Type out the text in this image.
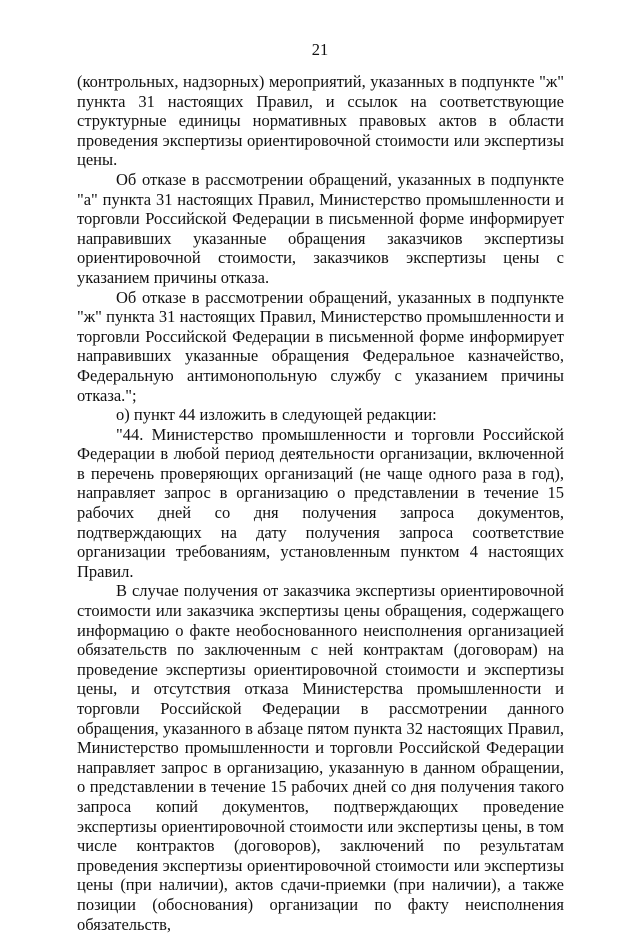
21

(контрольных, надзорных) мероприятий, указанных в подпункте "ж" пункта 31 настоящих Правил, и ссылок на соответствующие структурные единицы нормативных правовых актов в области проведения экспертизы ориентировочной стоимости или экспертизы цены.

Об отказе в рассмотрении обращений, указанных в подпункте "а" пункта 31 настоящих Правил, Министерство промышленности и торговли Российской Федерации в письменной форме информирует направивших указанные обращения заказчиков экспертизы ориентировочной стоимости, заказчиков экспертизы цены с указанием причины отказа.

Об отказе в рассмотрении обращений, указанных в подпункте "ж" пункта 31 настоящих Правил, Министерство промышленности и торговли Российской Федерации в письменной форме информирует направивших указанные обращения Федеральное казначейство, Федеральную антимонопольную службу с указанием причины отказа.";

о) пункт 44 изложить в следующей редакции:

"44. Министерство промышленности и торговли Российской Федерации в любой период деятельности организации, включенной в перечень проверяющих организаций (не чаще одного раза в год), направляет запрос в организацию о представлении в течение 15 рабочих дней со дня получения запроса документов, подтверждающих на дату получения запроса соответствие организации требованиям, установленным пунктом 4 настоящих Правил.

В случае получения от заказчика экспертизы ориентировочной стоимости или заказчика экспертизы цены обращения, содержащего информацию о факте необоснованного неисполнения организацией обязательств по заключенным с ней контрактам (договорам) на проведение экспертизы ориентировочной стоимости и экспертизы цены, и отсутствия отказа Министерства промышленности и торговли Российской Федерации в рассмотрении данного обращения, указанного в абзаце пятом пункта 32 настоящих Правил, Министерство промышленности и торговли Российской Федерации направляет запрос в организацию, указанную в данном обращении, о представлении в течение 15 рабочих дней со дня получения такого запроса копий документов, подтверждающих проведение экспертизы ориентировочной стоимости или экспертизы цены, в том числе контрактов (договоров), заключений по результатам проведения экспертизы ориентировочной стоимости или экспертизы цены (при наличии), актов сдачи-приемки (при наличии), а также позиции (обоснования) организации по факту неисполнения обязательств,
